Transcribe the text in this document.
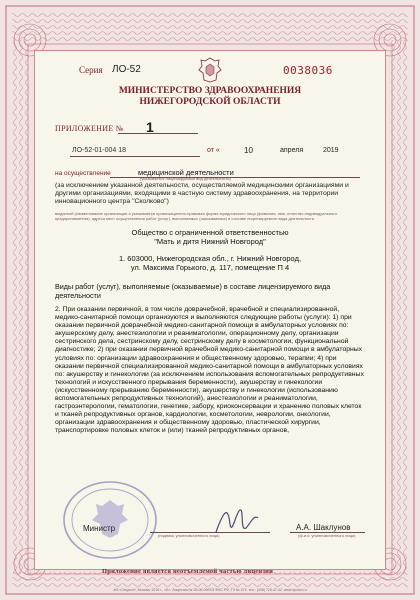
Серия ЛО-52	0038036
МИНИСТЕРСТВО ЗДРАВООХРАНЕНИЯ
НИЖЕГОРОДСКОЙ ОБЛАСТИ
ПРИЛОЖЕНИЕ № 1
ЛО-52-01-004 18	от «	10	апреля	2019
на осуществление	медицинской деятельности
(указывается лицензируемый вид деятельности)
(за исключением указанной деятельности, осуществляемой медицинскими организациями и другими организациями, входящими в частную систему здравоохранения, на территории инновационного центра "Сколково")
выданной (наименование организации и указывается организационно-правовая форма юридического лица (фамилия, имя, отчество индивидуального предпринимателя), адреса мест осуществления работ (услуг), выполняемых (оказываемых) в составе лицензируемого вида деятельности
Общество с ограниченной ответственностью
"Мать и дитя Нижний Новгород"
1. 603000, Нижегородская обл., г. Нижний Новгород,
ул. Максима Горького, д. 117, помещение П 4
Виды работ (услуг), выполняемые (оказываемые) в составе лицензируемого вида деятельности
2. При оказании первичной, в том числе доврачебной, врачебной и специализированной, медико-санитарной помощи организуются и выполняются следующие работы (услуги): 1) при оказании первичной доврачебной медико-санитарной помощи в амбулаторных условиях по: акушерскому делу, анестезиологии и реаниматологии, операционному делу, организации сестринского дела, сестринскому делу, сестринскому делу в косметологии, функциональной диагностике; 2) при оказании первичной врачебной медико-санитарной помощи в амбулаторных условиях по: организации здравоохранения и общественному здоровью, терапии; 4) при оказании первичной специализированной медико-санитарной помощи в амбулаторных условиях по: акушерству и гинекологии (за исключением использования вспомогательных репродуктивных технологий и искусственного прерывания беременности), акушерству и гинекологии (искусственному прерыванию беременности), акушерству и гинекологии (использованию вспомогательных репродуктивных технологий), анестезиологии и реаниматологии, гастроэнтерологии, гематологии, генетике, забору, криоконсервации и хранению половых клеток и тканей репродуктивных органов, кардиологии, косметологии, неврологии, онкологии, организации здравоохранения и общественному здоровью, пластической хирургии, транспортировке половых клеток и (или) тканей репродуктивных органов,
Министр
(подпись уполномоченного лица)
А.А. Шаклунов
(ф.и.о. уполномоченного лица)
Приложение является неотъемлемой частью лицензии
АО «Опцион», Москва, 2018 г., «Б», Лицензия № 05-05-09/003 ФНС РФ, ТЗ № 674, тел.: (495) 726-47-42, www.opcion.ru
